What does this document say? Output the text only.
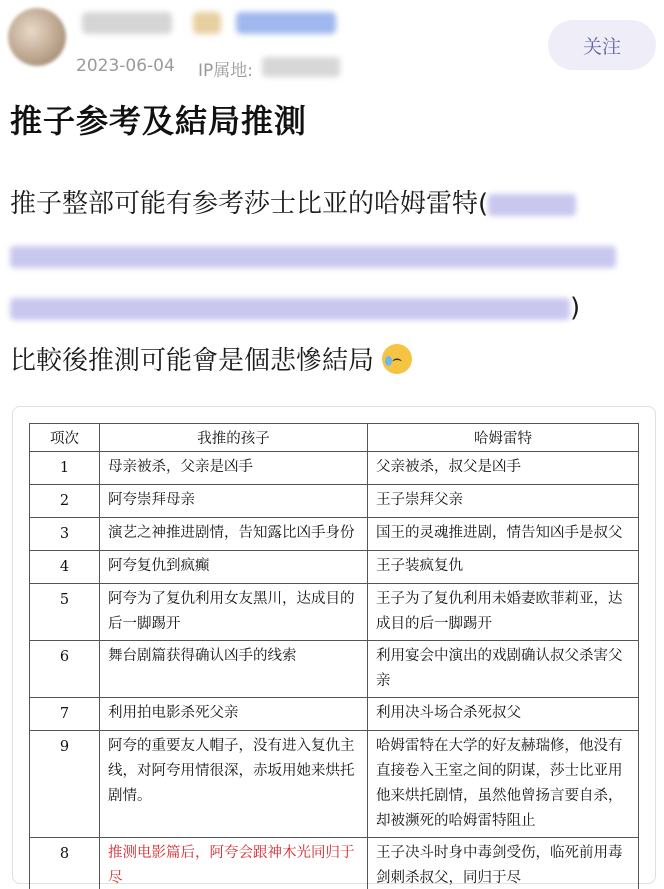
2023-06-04 IP属地:
关注
推子参考及結局推測
推子整部可能有参考莎士比亚的哈姆雷特(

)
比較後推測可能會是個悲慘結局	⌢
项次	我推的孩子	哈姆雷特
1	母亲被杀，父亲是凶手	父亲被杀，叔父是凶手
2	阿夸崇拜母亲	王子崇拜父亲
3	演艺之神推进剧情，告知露比凶手身份	国王的灵魂推进剧，情告知凶手是叔父
4	阿夸复仇到疯癫	王子装疯复仇
5	阿夸为了复仇利用女友黑川，达成目的后一脚踢开	王子为了复仇利用未婚妻欧菲莉亚，达成目的后一脚踢开
6	舞台剧篇获得确认凶手的线索	利用宴会中演出的戏剧确认叔父杀害父亲
7	利用拍电影杀死父亲	利用决斗场合杀死叔父
9	阿夸的重要友人帽子，没有进入复仇主线，对阿夸用情很深，赤坂用她来烘托剧情。	哈姆雷特在大学的好友赫瑞修，他没有直接卷入王室之间的阴谋，莎士比亚用他来烘托剧情，虽然他曾扬言要自杀，却被濒死的哈姆雷特阻止
8	推测电影篇后，阿夸会跟神木光同归于尽	王子决斗时身中毒剑受伤，临死前用毒剑刺杀叔父，同归于尽
